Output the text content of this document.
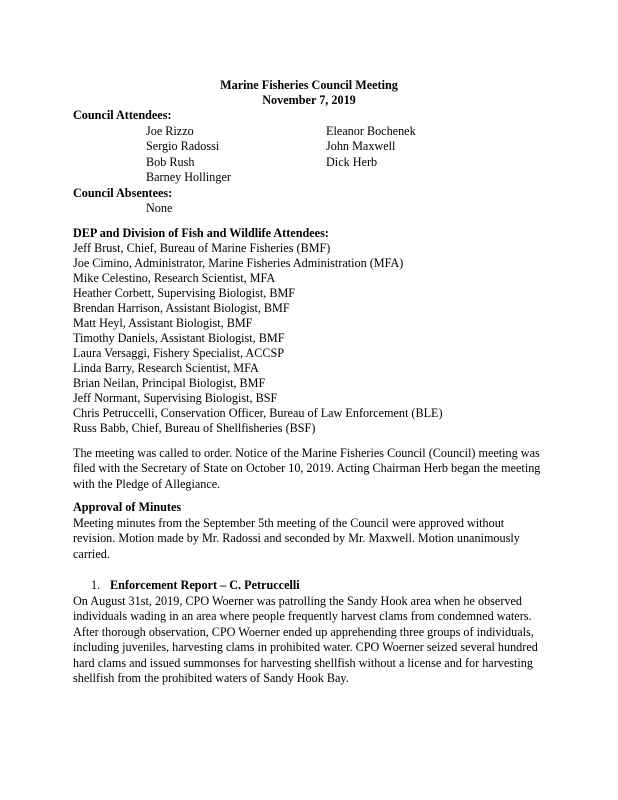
Marine Fisheries Council Meeting
November 7, 2019
Council Attendees:
Joe Rizzo
Sergio Radossi
Bob Rush
Barney Hollinger
Eleanor Bochenek
John Maxwell
Dick Herb
Council Absentees:
None
DEP and Division of Fish and Wildlife Attendees:
Jeff Brust, Chief, Bureau of Marine Fisheries (BMF)
Joe Cimino, Administrator, Marine Fisheries Administration (MFA)
Mike Celestino, Research Scientist, MFA
Heather Corbett, Supervising Biologist, BMF
Brendan Harrison, Assistant Biologist, BMF
Matt Heyl, Assistant Biologist, BMF
Timothy Daniels, Assistant Biologist, BMF
Laura Versaggi, Fishery Specialist, ACCSP
Linda Barry, Research Scientist, MFA
Brian Neilan, Principal Biologist, BMF
Jeff Normant, Supervising Biologist, BSF
Chris Petruccelli, Conservation Officer, Bureau of Law Enforcement (BLE)
Russ Babb, Chief, Bureau of Shellfisheries (BSF)
The meeting was called to order. Notice of the Marine Fisheries Council (Council) meeting was
filed with the Secretary of State on October 10, 2019. Acting Chairman Herb began the meeting
with the Pledge of Allegiance.
Approval of Minutes
Meeting minutes from the September 5th meeting of the Council were approved without
revision. Motion made by Mr. Radossi and seconded by Mr. Maxwell. Motion unanimously
carried.
1. Enforcement Report – C. Petruccelli
On August 31st, 2019, CPO Woerner was patrolling the Sandy Hook area when he observed
individuals wading in an area where people frequently harvest clams from condemned waters.
After thorough observation, CPO Woerner ended up apprehending three groups of individuals,
including juveniles, harvesting clams in prohibited water. CPO Woerner seized several hundred
hard clams and issued summonses for harvesting shellfish without a license and for harvesting
shellfish from the prohibited waters of Sandy Hook Bay.
